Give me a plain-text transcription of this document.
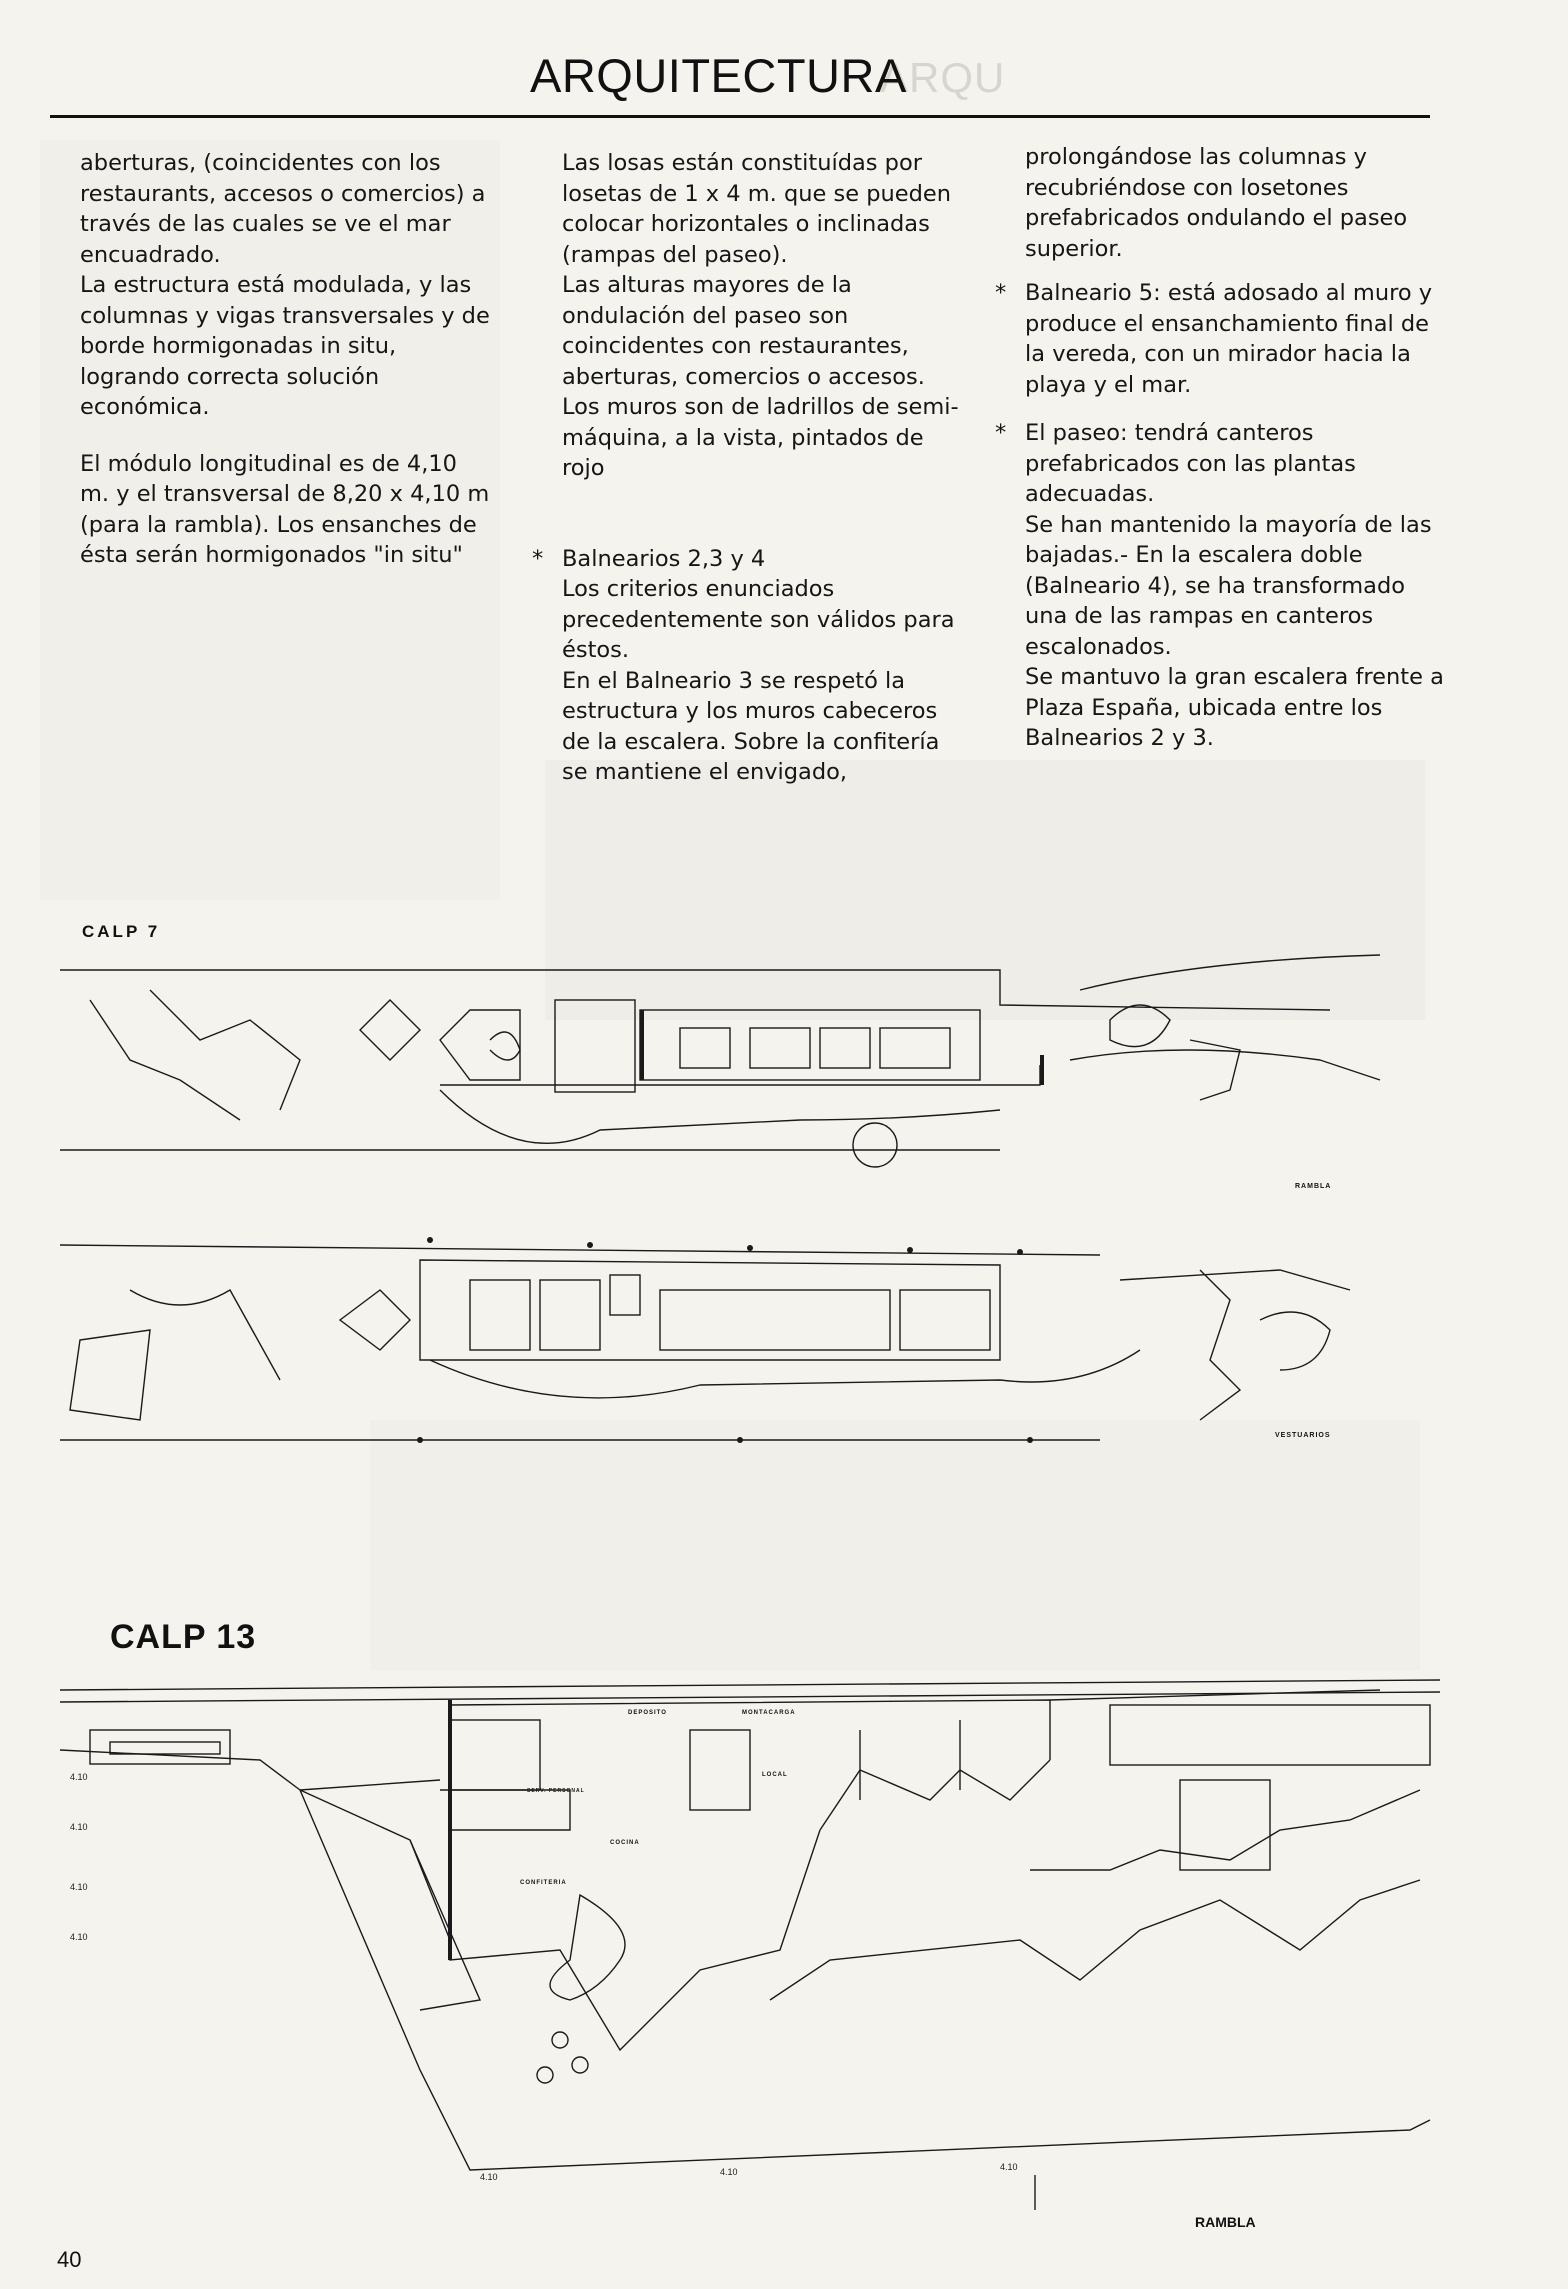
ARQU
ARQUITECTURA

aberturas, (coincidentes con los restaurants, accesos o comercios) a través de las cuales se ve el mar encuadrado.

La estructura está modulada, y las columnas y vigas transversales y de borde hormigonadas in situ, logrando correcta solución económica.

El módulo longitudinal es de 4,10 m. y el transversal de 8,20 x 4,10 m (para la rambla). Los ensanches de ésta serán hormigonados "in situ"

Las losas están constituídas por losetas de 1 x 4 m. que se pueden colocar horizontales o inclinadas (rampas del paseo).

Las alturas mayores de la ondulación del paseo son coincidentes con restaurantes, aberturas, comercios o accesos. Los muros son de ladrillos de semi-máquina, a la vista, pintados de rojo

* Balnearios 2,3 y 4
Los criterios enunciados precedentemente son válidos para éstos.
En el Balneario 3 se respetó la estructura y los muros cabeceros de la escalera. Sobre la confitería se mantiene el envigado,

prolongándose las columnas y recubriéndose con losetones prefabricados ondulando el paseo superior.

* Balneario 5: está adosado al muro y produce el ensanchamiento final de la vereda, con un mirador hacia la playa y el mar.
* El paseo: tendrá canteros prefabricados con las plantas adecuadas.
Se han mantenido la mayoría de las bajadas.- En la escalera doble (Balneario 4), se ha transformado una de las rampas en canteros escalonados.
Se mantuvo la gran escalera frente a Plaza España, ubicada entre los Balnearios 2 y 3.
CALP 7
CALP 13
RAMBLA
VESTUARIOS
DEPOSITO	MONTACARGA
LOCAL
COCINA
CONFITERIA
SERV. PERSONAL
RAMBLA
4.10
4.10
4.10
4.10
4.10	4.10	4.10
40
